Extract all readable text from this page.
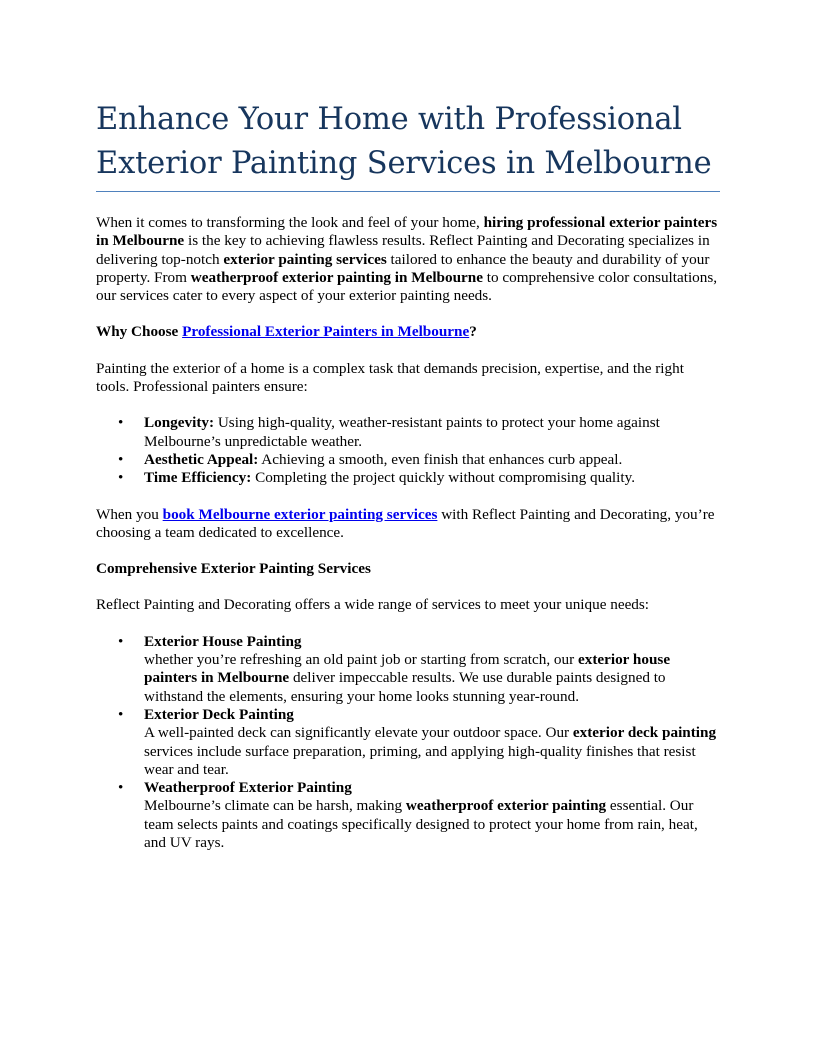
Enhance Your Home with Professional Exterior Painting Services in Melbourne

When it comes to transforming the look and feel of your home, hiring professional exterior painters in Melbourne is the key to achieving flawless results. Reflect Painting and Decorating specializes in delivering top-notch exterior painting services tailored to enhance the beauty and durability of your property. From weatherproof exterior painting in Melbourne to comprehensive color consultations, our services cater to every aspect of your exterior painting needs.

Why Choose Professional Exterior Painters in Melbourne?

Painting the exterior of a home is a complex task that demands precision, expertise, and the right tools. Professional painters ensure:

• Longevity: Using high-quality, weather-resistant paints to protect your home against Melbourne’s unpredictable weather.
• Aesthetic Appeal: Achieving a smooth, even finish that enhances curb appeal.
• Time Efficiency: Completing the project quickly without compromising quality.

When you book Melbourne exterior painting services with Reflect Painting and Decorating, you’re choosing a team dedicated to excellence.

Comprehensive Exterior Painting Services

Reflect Painting and Decorating offers a wide range of services to meet your unique needs:

• Exterior House Painting
whether you’re refreshing an old paint job or starting from scratch, our exterior house painters in Melbourne deliver impeccable results. We use durable paints designed to withstand the elements, ensuring your home looks stunning year-round.
• Exterior Deck Painting
A well-painted deck can significantly elevate your outdoor space. Our exterior deck painting services include surface preparation, priming, and applying high-quality finishes that resist wear and tear.
• Weatherproof Exterior Painting
Melbourne’s climate can be harsh, making weatherproof exterior painting essential. Our team selects paints and coatings specifically designed to protect your home from rain, heat, and UV rays.
